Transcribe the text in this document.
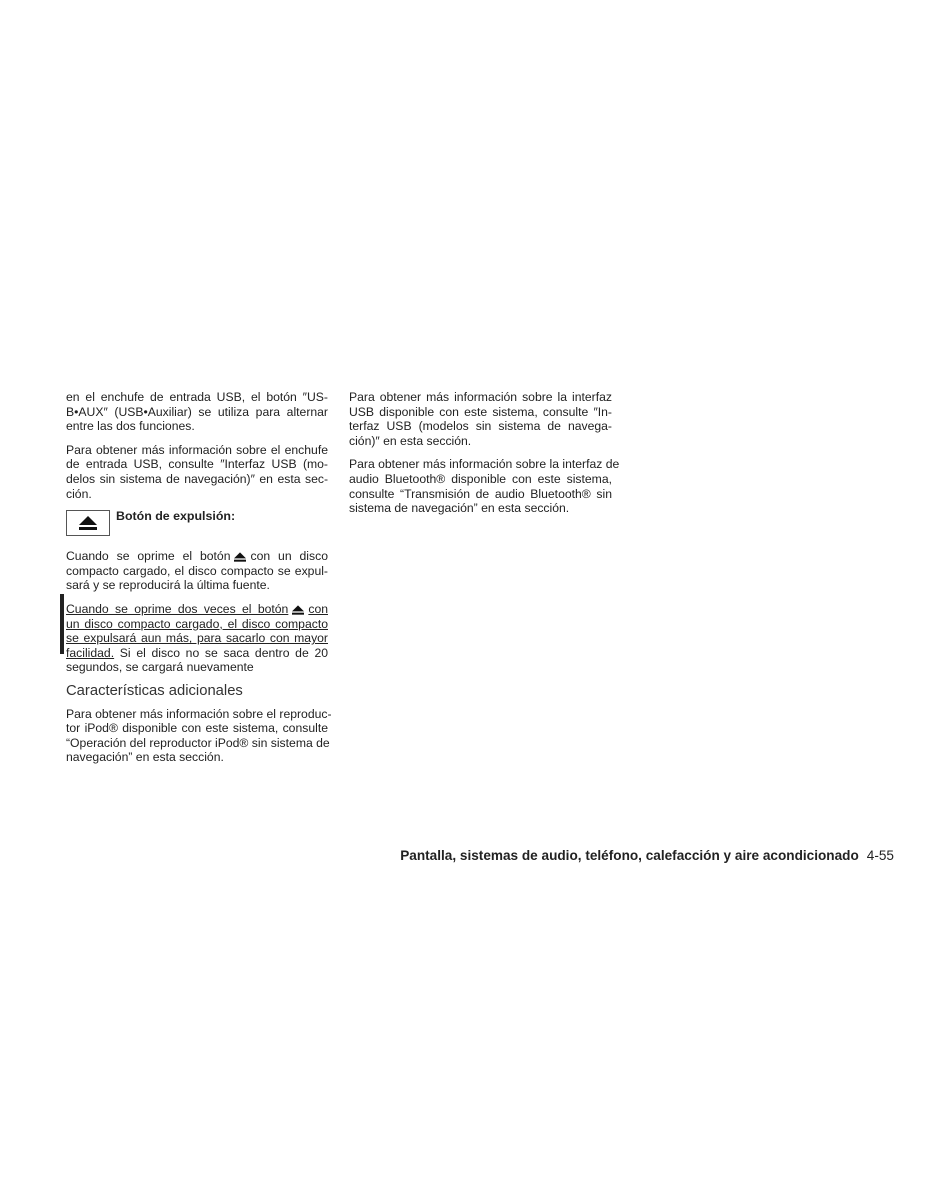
en el enchufe de entrada USB, el botón ″US-
B•AUX″ (USB•Auxiliar) se utiliza para alternar
entre las dos funciones.

Para obtener más información sobre el enchufe
de entrada USB, consulte ″Interfaz USB (mo-
delos sin sistema de navegación)″ en esta sec-
ción.

Botón de expulsión:

Cuando se oprime el botón con un disco
compacto cargado, el disco compacto se expul-
sará y se reproducirá la última fuente.

Cuando se oprime dos veces el botón con
un disco compacto cargado, el disco compacto
se expulsará aun más, para sacarlo con mayor
facilidad. Si el disco no se saca dentro de 20
segundos, se cargará nuevamente

Características adicionales

Para obtener más información sobre el reproduc-
tor iPod® disponible con este sistema, consulte
“Operación del reproductor iPod® sin sistema de
navegación” en esta sección.

Para obtener más información sobre la interfaz
USB disponible con este sistema, consulte ″In-
terfaz USB (modelos sin sistema de navega-
ción)″ en esta sección.

Para obtener más información sobre la interfaz de
audio Bluetooth® disponible con este sistema,
consulte “Transmisión de audio Bluetooth® sin
sistema de navegación” en esta sección.

Pantalla, sistemas de audio, teléfono, calefacción y aire acondicionado 4-55
